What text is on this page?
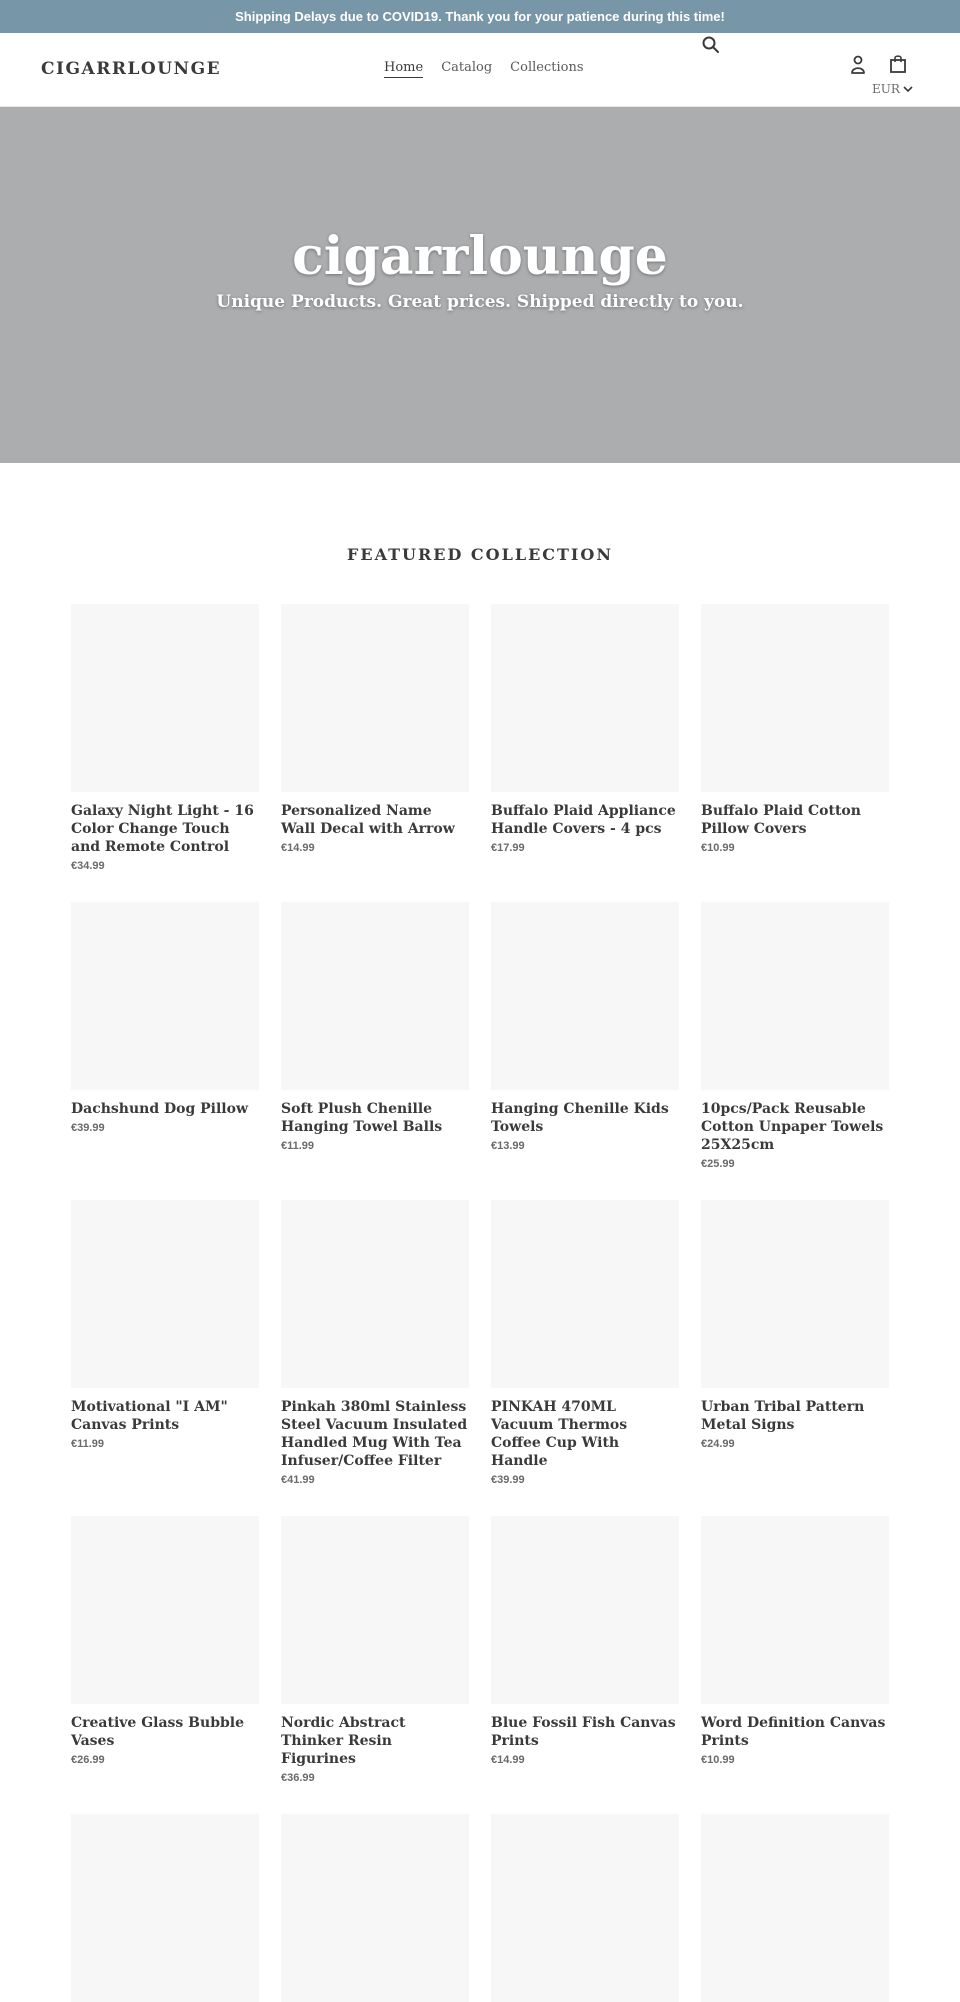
Shipping Delays due to COVID19. Thank you for your patience during this time!
CIGARRLOUNGE	Home Catalog Collections
EUR
cigarrlounge

Unique Products. Great prices. Shipped directly to you.

FEATURED COLLECTION
Galaxy Night Light - 16 Color Change Touch and Remote Control
€34.99
Personalized Name Wall Decal with Arrow
€14.99
Buffalo Plaid Appliance Handle Covers - 4 pcs
€17.99
Buffalo Plaid Cotton Pillow Covers
€10.99
Dachshund Dog Pillow
€39.99
Soft Plush Chenille Hanging Towel Balls
€11.99
Hanging Chenille Kids Towels
€13.99
10pcs/Pack Reusable Cotton Unpaper Towels 25X25cm
€25.99
Motivational "I AM" Canvas Prints
€11.99
Pinkah 380ml Stainless Steel Vacuum Insulated Handled Mug With Tea Infuser/Coffee Filter
€41.99
PINKAH 470ML Vacuum Thermos Coffee Cup With Handle
€39.99
Urban Tribal Pattern Metal Signs
€24.99
Creative Glass Bubble Vases
€26.99
Nordic Abstract Thinker Resin Figurines
€36.99
Blue Fossil Fish Canvas Prints
€14.99
Word Definition Canvas Prints
€10.99
